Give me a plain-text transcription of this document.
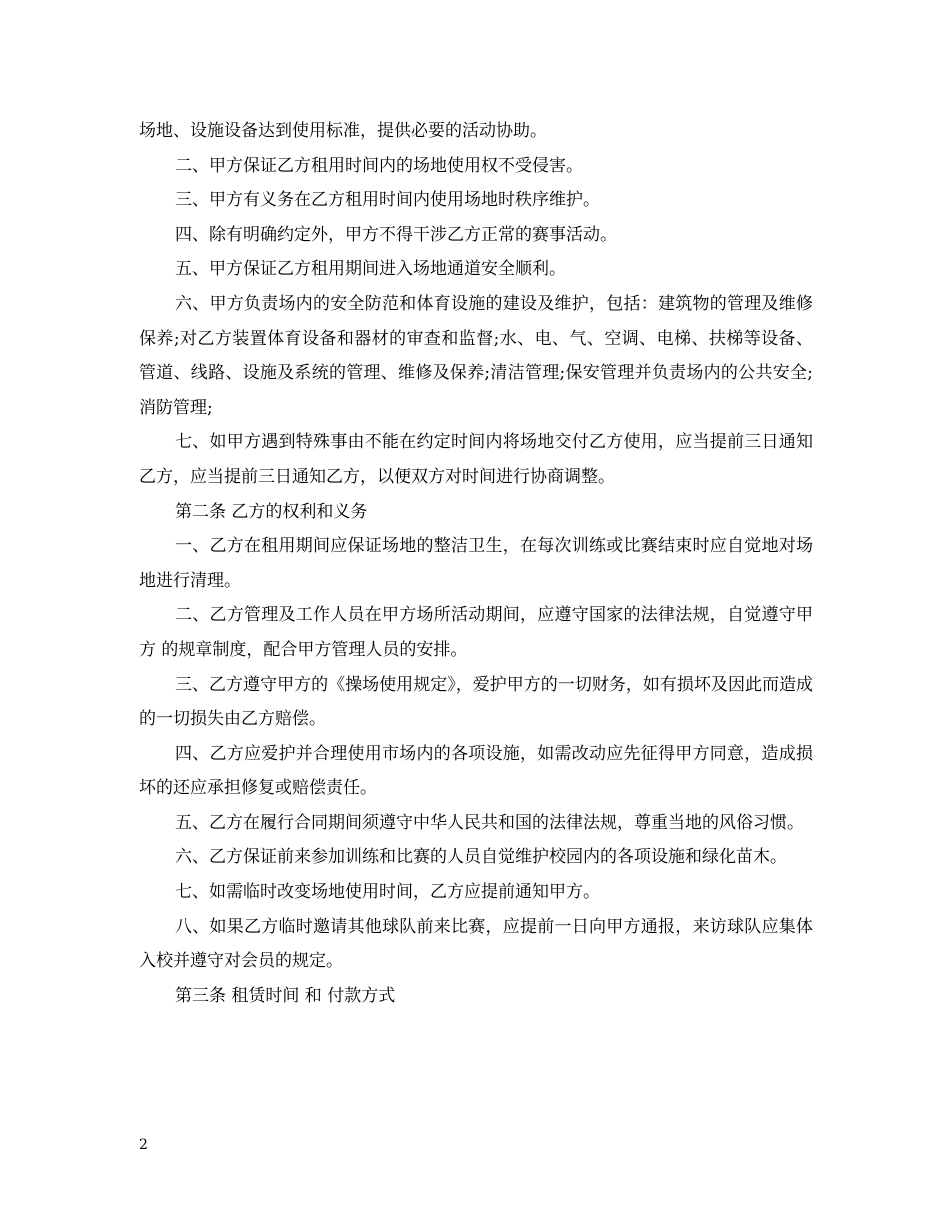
场地、设施设备达到使用标准，提供必要的活动协助。

二、甲方保证乙方租用时间内的场地使用权不受侵害。

三、甲方有义务在乙方租用时间内使用场地时秩序维护。

四、除有明确约定外，甲方不得干涉乙方正常的赛事活动。

五、甲方保证乙方租用期间进入场地通道安全顺利。

六、甲方负责场内的安全防范和体育设施的建设及维护，包括：建筑物的管理及维修保养;对乙方装置体育设备和器材的审查和监督;水、电、气、空调、电梯、扶梯等设备、管道、线路、设施及系统的管理、维修及保养;清洁管理;保安管理并负责场内的公共安全;消防管理;

七、如甲方遇到特殊事由不能在约定时间内将场地交付乙方使用，应当提前三日通知乙方，应当提前三日通知乙方，以便双方对时间进行协商调整。

第二条 乙方的权利和义务

一、乙方在租用期间应保证场地的整洁卫生，在每次训练或比赛结束时应自觉地对场地进行清理。

二、乙方管理及工作人员在甲方场所活动期间，应遵守国家的法律法规，自觉遵守甲方 的规章制度，配合甲方管理人员的安排。

三、乙方遵守甲方的《操场使用规定》，爱护甲方的一切财务，如有损坏及因此而造成的一切损失由乙方赔偿。

四、乙方应爱护并合理使用市场内的各项设施，如需改动应先征得甲方同意，造成损坏的还应承担修复或赔偿责任。

五、乙方在履行合同期间须遵守中华人民共和国的法律法规，尊重当地的风俗习惯。

六、乙方保证前来参加训练和比赛的人员自觉维护校园内的各项设施和绿化苗木。

七、如需临时改变场地使用时间，乙方应提前通知甲方。

八、如果乙方临时邀请其他球队前来比赛，应提前一日向甲方通报，来访球队应集体入校并遵守对会员的规定。

第三条 租赁时间 和 付款方式

2
